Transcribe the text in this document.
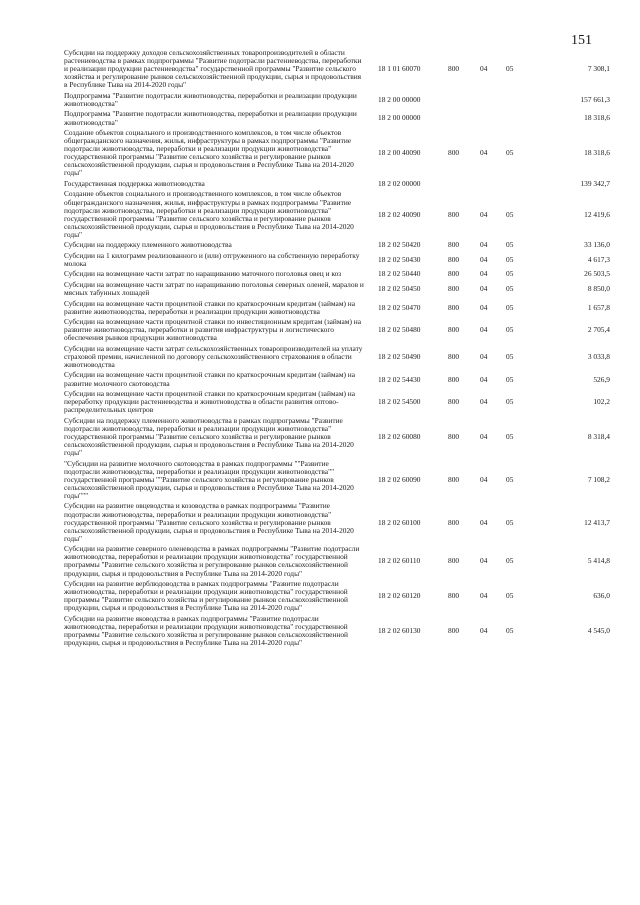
151
Субсидии на поддержку доходов сельскохозяйственных товаропроизводителей в области растениеводства в рамках подпрограммы "Развитие подотрасли растениеводства, переработки и реализации продукции растениеводства" государственной программы "Развитие сельского хозяйства и регулирование рынков сельскохозяйственной продукции, сырья и продовольствия в Республике Тыва на 2014-2020 годы"	18 1 01 60070	800	04	05	7 308,1
Подпрограмма "Развитие подотрасли животноводства, переработки и реализации продукции животноводства"	18 2 00 00000				157 661,3
Подпрограмма "Развитие подотрасли животноводства, переработки и реализации продукции животноводства"	18 2 00 00000				18 318,6
Создание объектов социального и производственного комплексов, в том числе объектов общегражданского назначения, жилья, инфраструктуры в рамках подпрограммы "Развитие подотрасли животноводства, переработки и реализации продукции животноводства" государственной программы "Развитие сельского хозяйства и регулирование рынков сельскохозяйственной продукции, сырья и продовольствия в Республике Тыва на 2014-2020 годы"	18 2 00 40090	800	04	05	18 318,6
Государственная поддержка животноводства	18 2 02 00000				139 342,7
Создание объектов социального и производственного комплексов, в том числе объектов общегражданского назначения, жилья, инфраструктуры в рамках подпрограммы "Развитие подотрасли животноводства, переработки и реализации продукции животноводства" государственной программы "Развитие сельского хозяйства и регулирование рынков сельскохозяйственной продукции, сырья и продовольствия в Республике Тыва на 2014-2020 годы"	18 2 02 40090	800	04	05	12 419,6
Субсидии на поддержку племенного животноводства	18 2 02 50420	800	04	05	33 136,0
Субсидии на 1 килограмм реализованного и (или) отгруженного на собственную переработку молока	18 2 02 50430	800	04	05	4 617,3
Субсидии на возмещение части затрат по наращиванию маточного поголовья овец и коз	18 2 02 50440	800	04	05	26 503,5
Субсидии на возмещение части затрат по наращиванию поголовья северных оленей, маралов и мясных табунных лошадей	18 2 02 50450	800	04	05	8 850,0
Субсидии на возмещение части процентной ставки по краткосрочным кредитам (займам) на развитие животноводства, переработки и реализации продукции животноводства	18 2 02 50470	800	04	05	1 657,8
Субсидии на возмещение части процентной ставки по инвестиционным кредитам (займам) на развитие животноводства, переработки и развития инфраструктуры и логистического обеспечения рынков продукции животноводства	18 2 02 50480	800	04	05	2 705,4
Субсидии на возмещение части затрат сельскохозяйственных товаропроизводителей на уплату страховой премии, начисленной по договору сельскохозяйственного страхования в области животноводства	18 2 02 50490	800	04	05	3 033,8
Субсидии на возмещение части процентной ставки по краткосрочным кредитам (займам) на развитие молочного скотоводства	18 2 02 54430	800	04	05	526,9
Субсидии на возмещение части процентной ставки по краткосрочным кредитам (займам) на переработку продукции растениеводства и животноводства в области развития оптово-распределительных центров	18 2 02 54500	800	04	05	102,2
Субсидии на поддержку племенного животноводства в рамках подпрограммы "Развитие подотрасли животноводства, переработки и реализации продукции животноводства" государственной программы "Развитие сельского хозяйства и регулирование рынков сельскохозяйственной продукции, сырья и продовольствия в Республике Тыва на 2014-2020 годы"	18 2 02 60080	800	04	05	8 318,4
"Субсидии на развитие молочного скотоводства в рамках подпрограммы ""Развитие подотрасли животноводства, переработки и реализации продукции животноводства"" государственной программы ""Развитие сельского хозяйства и регулирование рынков сельскохозяйственной продукции, сырья и продовольствия в Республике Тыва на 2014-2020 годы"""	18 2 02 60090	800	04	05	7 108,2
Субсидии на развитие овцеводства и козоводства в рамках подпрограммы "Развитие подотрасли животноводства, переработки и реализации продукции животноводства" государственной программы "Развитие сельского хозяйства и регулирование рынков сельскохозяйственной продукции, сырья и продовольствия в Республике Тыва на 2014-2020 годы"	18 2 02 60100	800	04	05	12 413,7
Субсидии на развитие северного оленеводства в рамках подпрограммы "Развитие подотрасли животноводства, переработки и реализации продукции животноводства" государственной программы "Развитие сельского хозяйства и регулирование рынков сельскохозяйственной продукции, сырья и продовольствия в Республике Тыва на 2014-2020 годы"	18 2 02 60110	800	04	05	5 414,8
Субсидии на развитие верблюдоводства в рамках подпрограммы "Развитие подотрасли животноводства, переработки и реализации продукции животноводства" государственной программы "Развитие сельского хозяйства и регулирование рынков сельскохозяйственной продукции, сырья и продовольствия в Республике Тыва на 2014-2020 годы"	18 2 02 60120	800	04	05	636,0
Субсидии на развитие яководства в рамках подпрограммы "Развитие подотрасли животноводства, переработки и реализации продукции животноводства" государственной программы "Развитие сельского хозяйства и регулирование рынков сельскохозяйственной продукции, сырья и продовольствия в Республике Тыва на 2014-2020 годы"	18 2 02 60130	800	04	05	4 545,0
